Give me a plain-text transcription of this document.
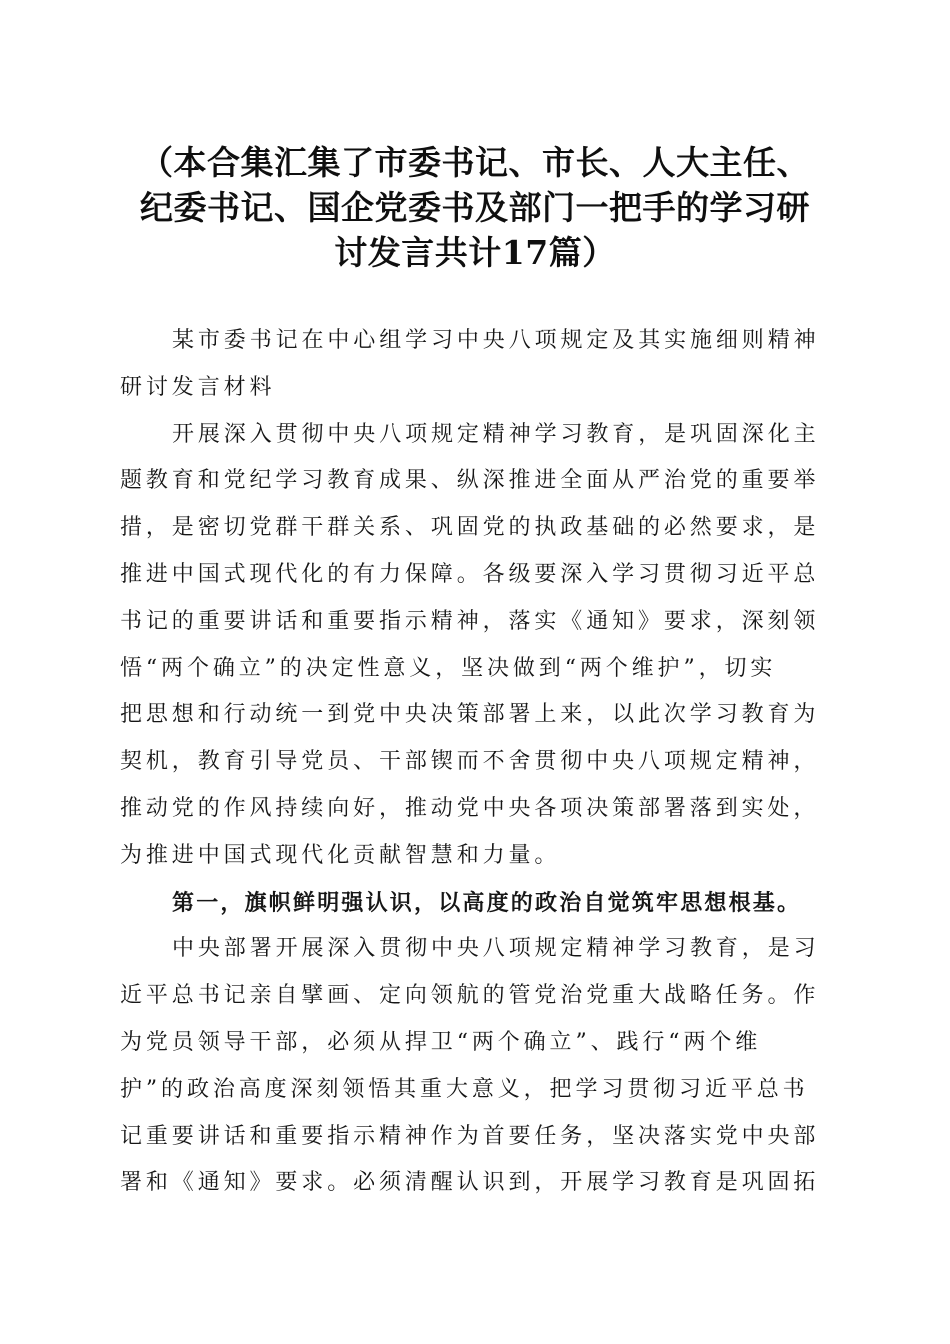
（本合集汇集了市委书记、市长、人大主任、
纪委书记、国企党委书及部门一把手的学习研
讨发言共计17篇）
某市委书记在中心组学习中央八项规定及其实施细则精神
研讨发言材料
开展深入贯彻中央八项规定精神学习教育，是巩固深化主
题教育和党纪学习教育成果、纵深推进全面从严治党的重要举
措，是密切党群干群关系、巩固党的执政基础的必然要求，是
推进中国式现代化的有力保障。各级要深入学习贯彻习近平总
书记的重要讲话和重要指示精神，落实《通知》要求，深刻领
悟“两个确立”的决定性意义，坚决做到“两个维护”，切实
把思想和行动统一到党中央决策部署上来，以此次学习教育为
契机，教育引导党员、干部锲而不舍贯彻中央八项规定精神，
推动党的作风持续向好，推动党中央各项决策部署落到实处，
为推进中国式现代化贡献智慧和力量。
第一，旗帜鲜明强认识，以高度的政治自觉筑牢思想根基。
中央部署开展深入贯彻中央八项规定精神学习教育，是习
近平总书记亲自擘画、定向领航的管党治党重大战略任务。作
为党员领导干部，必须从捍卫“两个确立”、践行“两个维
护”的政治高度深刻领悟其重大意义，把学习贯彻习近平总书
记重要讲话和重要指示精神作为首要任务，坚决落实党中央部
署和《通知》要求。必须清醒认识到，开展学习教育是巩固拓
